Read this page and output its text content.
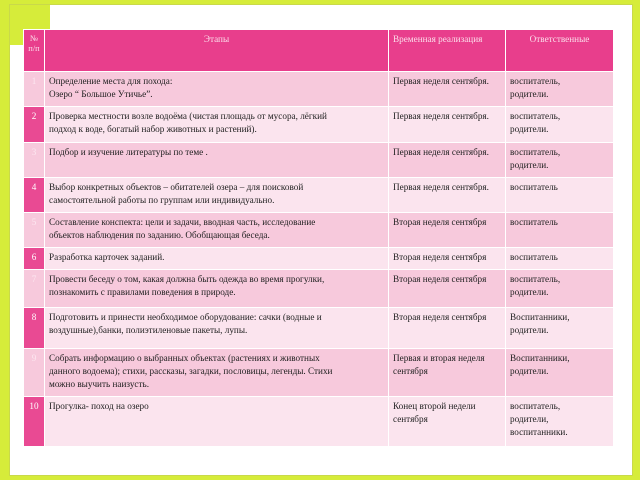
№ п/п	Этапы	Временная реализация	Ответственные
1	Определение места для похода:
Озеро “ Большое Утичье”.	Первая неделя сентября.	воспитатель,
родители.

2	Проверка местности возле водоёма (чистая площадь от мусора, лёгкий
подход к воде, богатый набор животных и растений).	Первая неделя сентября.	воспитатель,
родители.

3	Подбор и изучение литературы по теме .	Первая неделя сентября.	воспитатель,
родители.

4	Выбор конкретных объектов – обитателей озера – для поисковой
самостоятельной работы по группам или индивидуально.	Первая неделя сентября.	воспитатель

5	Составление конспекта: цели и задачи, вводная часть, исследование
объектов наблюдения по заданию. Обобщающая беседа.	Вторая неделя сентября	воспитатель

6	Разработка карточек заданий.	Вторая неделя сентября	воспитатель

7	Провести беседу о том, какая должна быть одежда во время прогулки,
познакомить с правилами поведения в природе.	Вторая неделя сентября	воспитатель,
родители.

8	Подготовить и принести необходимое оборудование: сачки (водные и
воздушные),банки, полиэтиленовые пакеты, лупы.	Вторая неделя сентября	Воспитанники,
родители.

9	Собрать информацию о выбранных объектах (растениях и животных
данного водоема); стихи, рассказы, загадки, пословицы, легенды. Стихи
можно выучить наизусть.	Первая и вторая неделя
сентября	Воспитанники,
родители.

10	Прогулка- поход на озеро	Конец второй недели
сентября	воспитатель,
родители,
воспитанники.
